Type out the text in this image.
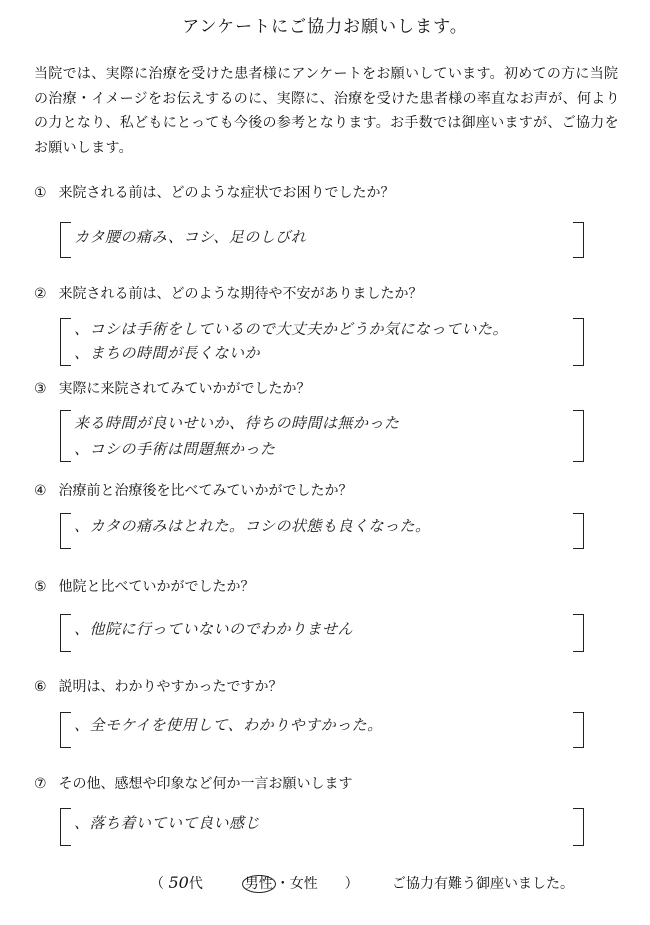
アンケートにご協力お願いします。
当院では、実際に治療を受けた患者様にアンケートをお願いしています。初めての方に当院の治療・イメージをお伝えするのに、実際に、治療を受けた患者様の率直なお声が、何よりの力となり、私どもにとっても今後の参考となります。お手数では御座いますが、ご協力をお願いします。
① 来院される前は、どのような症状でお困りでしたか？
カタ腰の痛み、コシ、足のしびれ
② 来院される前は、どのような期待や不安がありましたか？
、コシは手術をしているので大丈夫かどうか気になっていた。
、まちの時間が長くないか
③ 実際に来院されてみていかがでしたか？
来る時間が良いせいか、待ちの時間は無かった
、コシの手術は問題無かった
④ 治療前と治療後を比べてみていかがでしたか？
、カタの痛みはとれた。コシの状態も良くなった。
⑤ 他院と比べていかがでしたか？
、他院に行っていないのでわかりません
⑥ 説明は、わかりやすかったですか？
、全モケイを使用して、わかりやすかった。
⑦ その他、感想や印象など何か一言お願いします
、落ち着いていて良い感じ
（ 50代	男性 ・女性 ） ご協力有難う御座いました。
